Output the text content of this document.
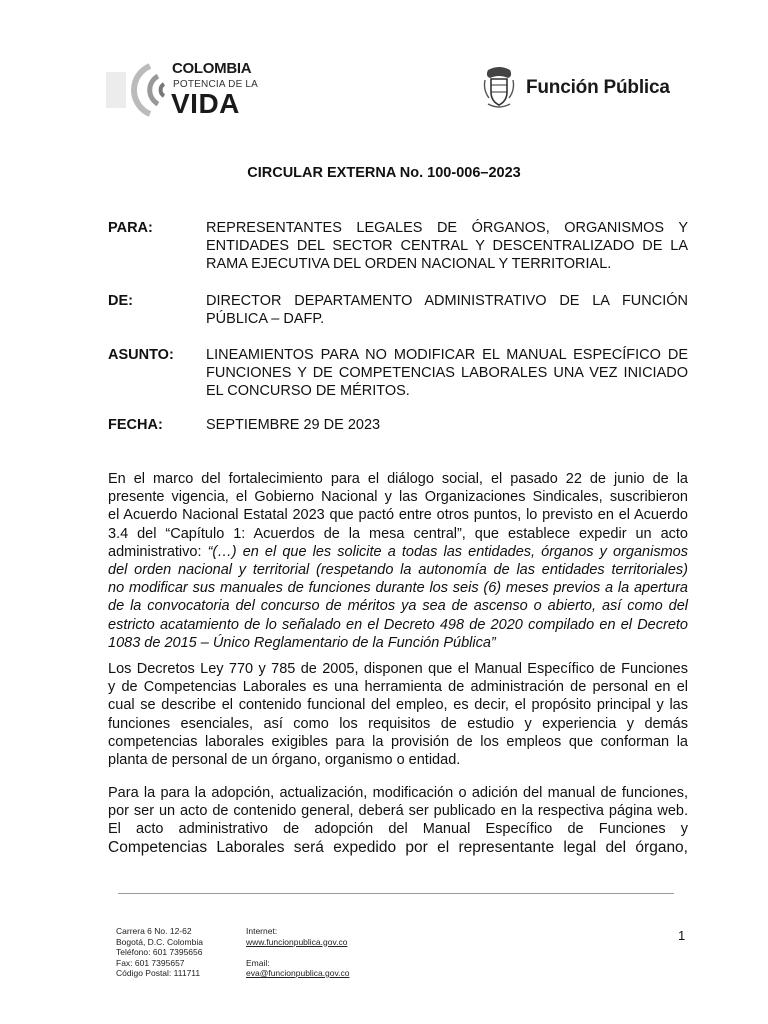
COLOMBIA
POTENCIA DE LA
VIDA
Función Pública
CIRCULAR EXTERNA No. 100-006–2023
PARA:	REPRESENTANTES LEGALES DE ÓRGANOS, ORGANISMOS Y
ENTIDADES DEL SECTOR CENTRAL Y DESCENTRALIZADO DE LA
RAMA EJECUTIVA DEL ORDEN NACIONAL Y TERRITORIAL.
DE:	DIRECTOR DEPARTAMENTO ADMINISTRATIVO DE LA FUNCIÓN
PÚBLICA – DAFP.
ASUNTO: LINEAMIENTOS PARA NO MODIFICAR EL MANUAL ESPECÍFICO DE
FUNCIONES Y DE COMPETENCIAS LABORALES UNA VEZ INICIADO
EL CONCURSO DE MÉRITOS.
FECHA:	SEPTIEMBRE 29 DE 2023
En el marco del fortalecimiento para el diálogo social, el pasado 22 de junio de la
presente vigencia, el Gobierno Nacional y las Organizaciones Sindicales, suscribieron
el Acuerdo Nacional Estatal 2023 que pactó entre otros puntos, lo previsto en el Acuerdo
3.4 del “Capítulo 1: Acuerdos de la mesa central”, que establece expedir un acto
administrativo: “(…) en el que les solicite a todas las entidades, órganos y organismos
del orden nacional y territorial (respetando la autonomía de las entidades territoriales)
no modificar sus manuales de funciones durante los seis (6) meses previos a la apertura
de la convocatoria del concurso de méritos ya sea de ascenso o abierto, así como del
estricto acatamiento de lo señalado en el Decreto 498 de 2020 compilado en el Decreto
1083 de 2015 – Único Reglamentario de la Función Pública”
Los Decretos Ley 770 y 785 de 2005, disponen que el Manual Específico de Funciones
y de Competencias Laborales es una herramienta de administración de personal en el
cual se describe el contenido funcional del empleo, es decir, el propósito principal y las
funciones esenciales, así como los requisitos de estudio y experiencia y demás
competencias laborales exigibles para la provisión de los empleos que conforman la
planta de personal de un órgano, organismo o entidad.
Para la para la adopción, actualización, modificación o adición del manual de funciones,
por ser un acto de contenido general, deberá ser publicado en la respectiva página web.
El acto administrativo de adopción del Manual Específico de Funciones y
Competencias Laborales será expedido por el representante legal del órgano,
Carrera 6 No. 12-62
Bogotá, D.C. Colombia
Teléfono: 601 7395656
Fax: 601 7395657
Código Postal: 111711
Internet:
www.funcionpublica.gov.co
Email:
eva@funcionpublica.gov.co
1
